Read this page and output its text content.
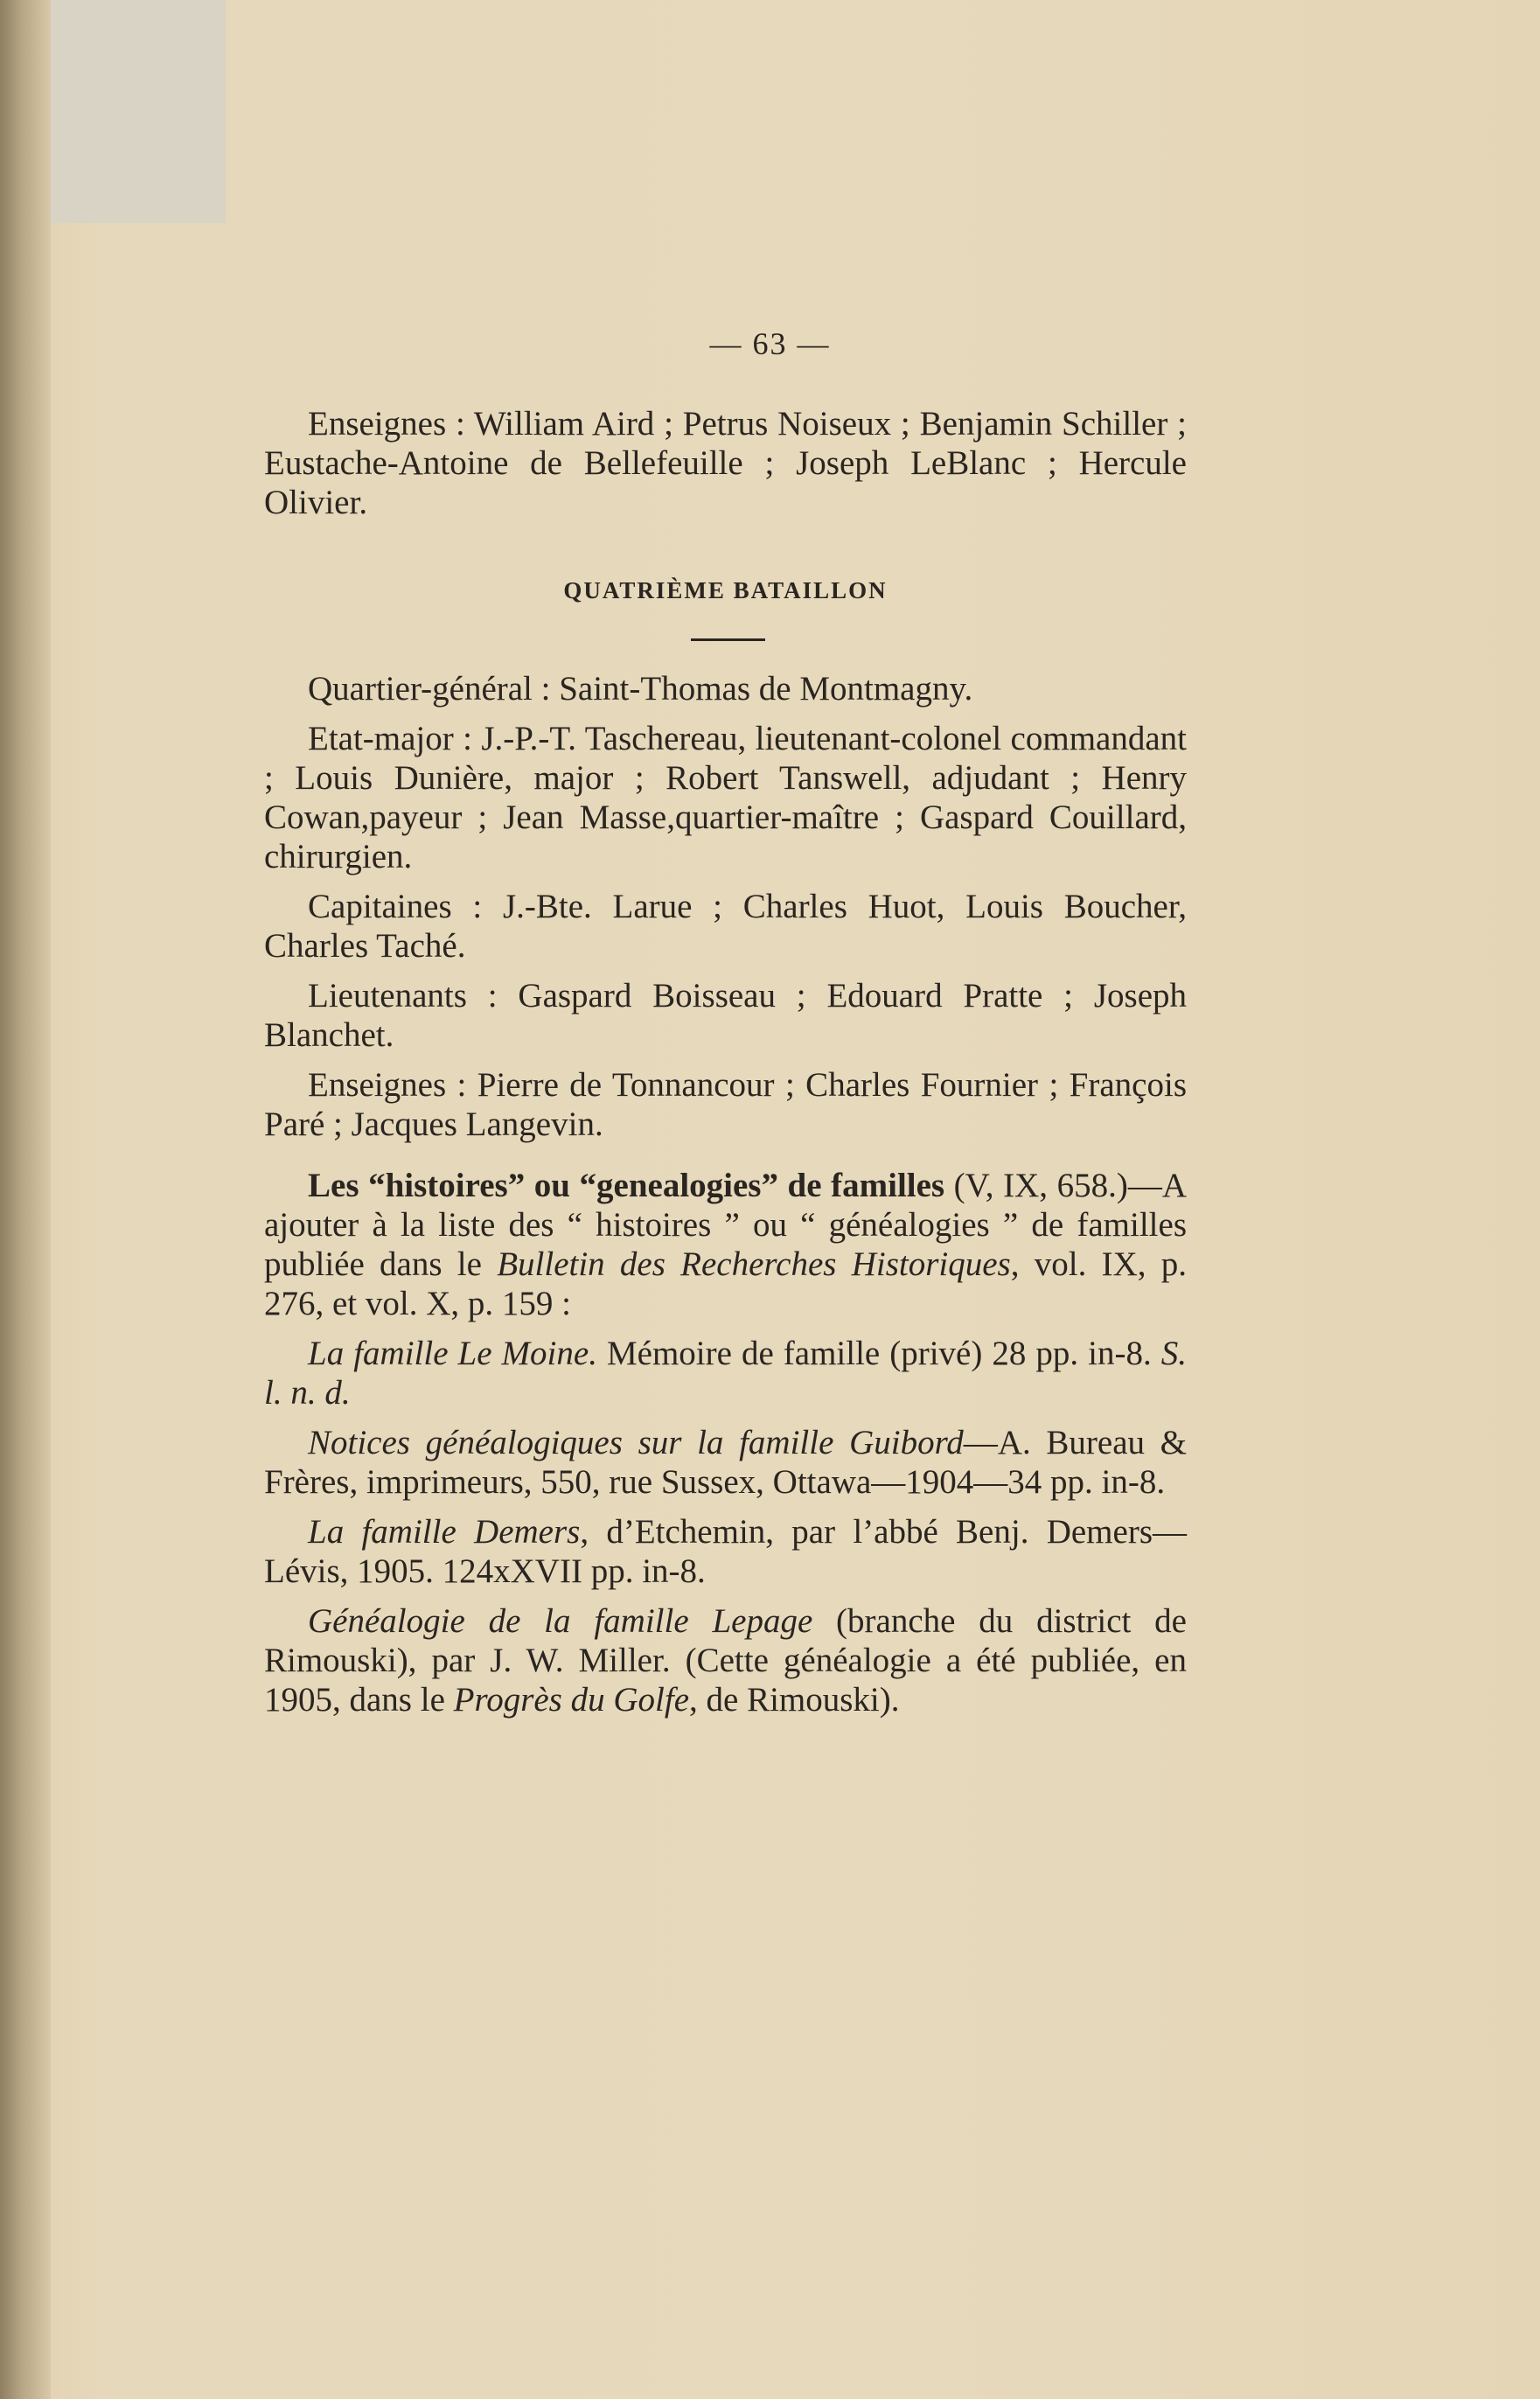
— 63 —

Enseignes : William Aird ; Petrus Noiseux ; Benjamin Schiller ; Eustache-Antoine de Bellefeuille ; Joseph LeBlanc ; Hercule Olivier.

QUATRIÈME BATAILLON

Quartier-général : Saint-Thomas de Montmagny.

Etat-major : J.-P.-T. Taschereau, lieutenant-colonel commandant ; Louis Dunière, major ; Robert Tanswell, adjudant ; Henry Cowan,payeur ; Jean Masse,quartier-maître ; Gaspard Couillard, chirurgien.

Capitaines : J.-Bte. Larue ; Charles Huot, Louis Boucher, Charles Taché.

Lieutenants : Gaspard Boisseau ; Edouard Pratte ; Joseph Blanchet.

Enseignes : Pierre de Tonnancour ; Charles Fournier ; François Paré ; Jacques Langevin.

Les “histoires” ou “genealogies” de familles (V, IX, 658.)—A ajouter à la liste des “ histoires ” ou “ généalogies ” de familles publiée dans le Bulletin des Recherches Historiques, vol. IX, p. 276, et vol. X, p. 159 :

La famille Le Moine. Mémoire de famille (privé) 28 pp. in-8. S. l. n. d.

Notices généalogiques sur la famille Guibord—A. Bureau & Frères, imprimeurs, 550, rue Sussex, Ottawa—1904—34 pp. in-8.

La famille Demers, d’Etchemin, par l’abbé Benj. Demers—Lévis, 1905. 124xXVII pp. in-8.

Généalogie de la famille Lepage (branche du district de Rimouski), par J. W. Miller. (Cette généalogie a été publiée, en 1905, dans le Progrès du Golfe, de Rimouski).
